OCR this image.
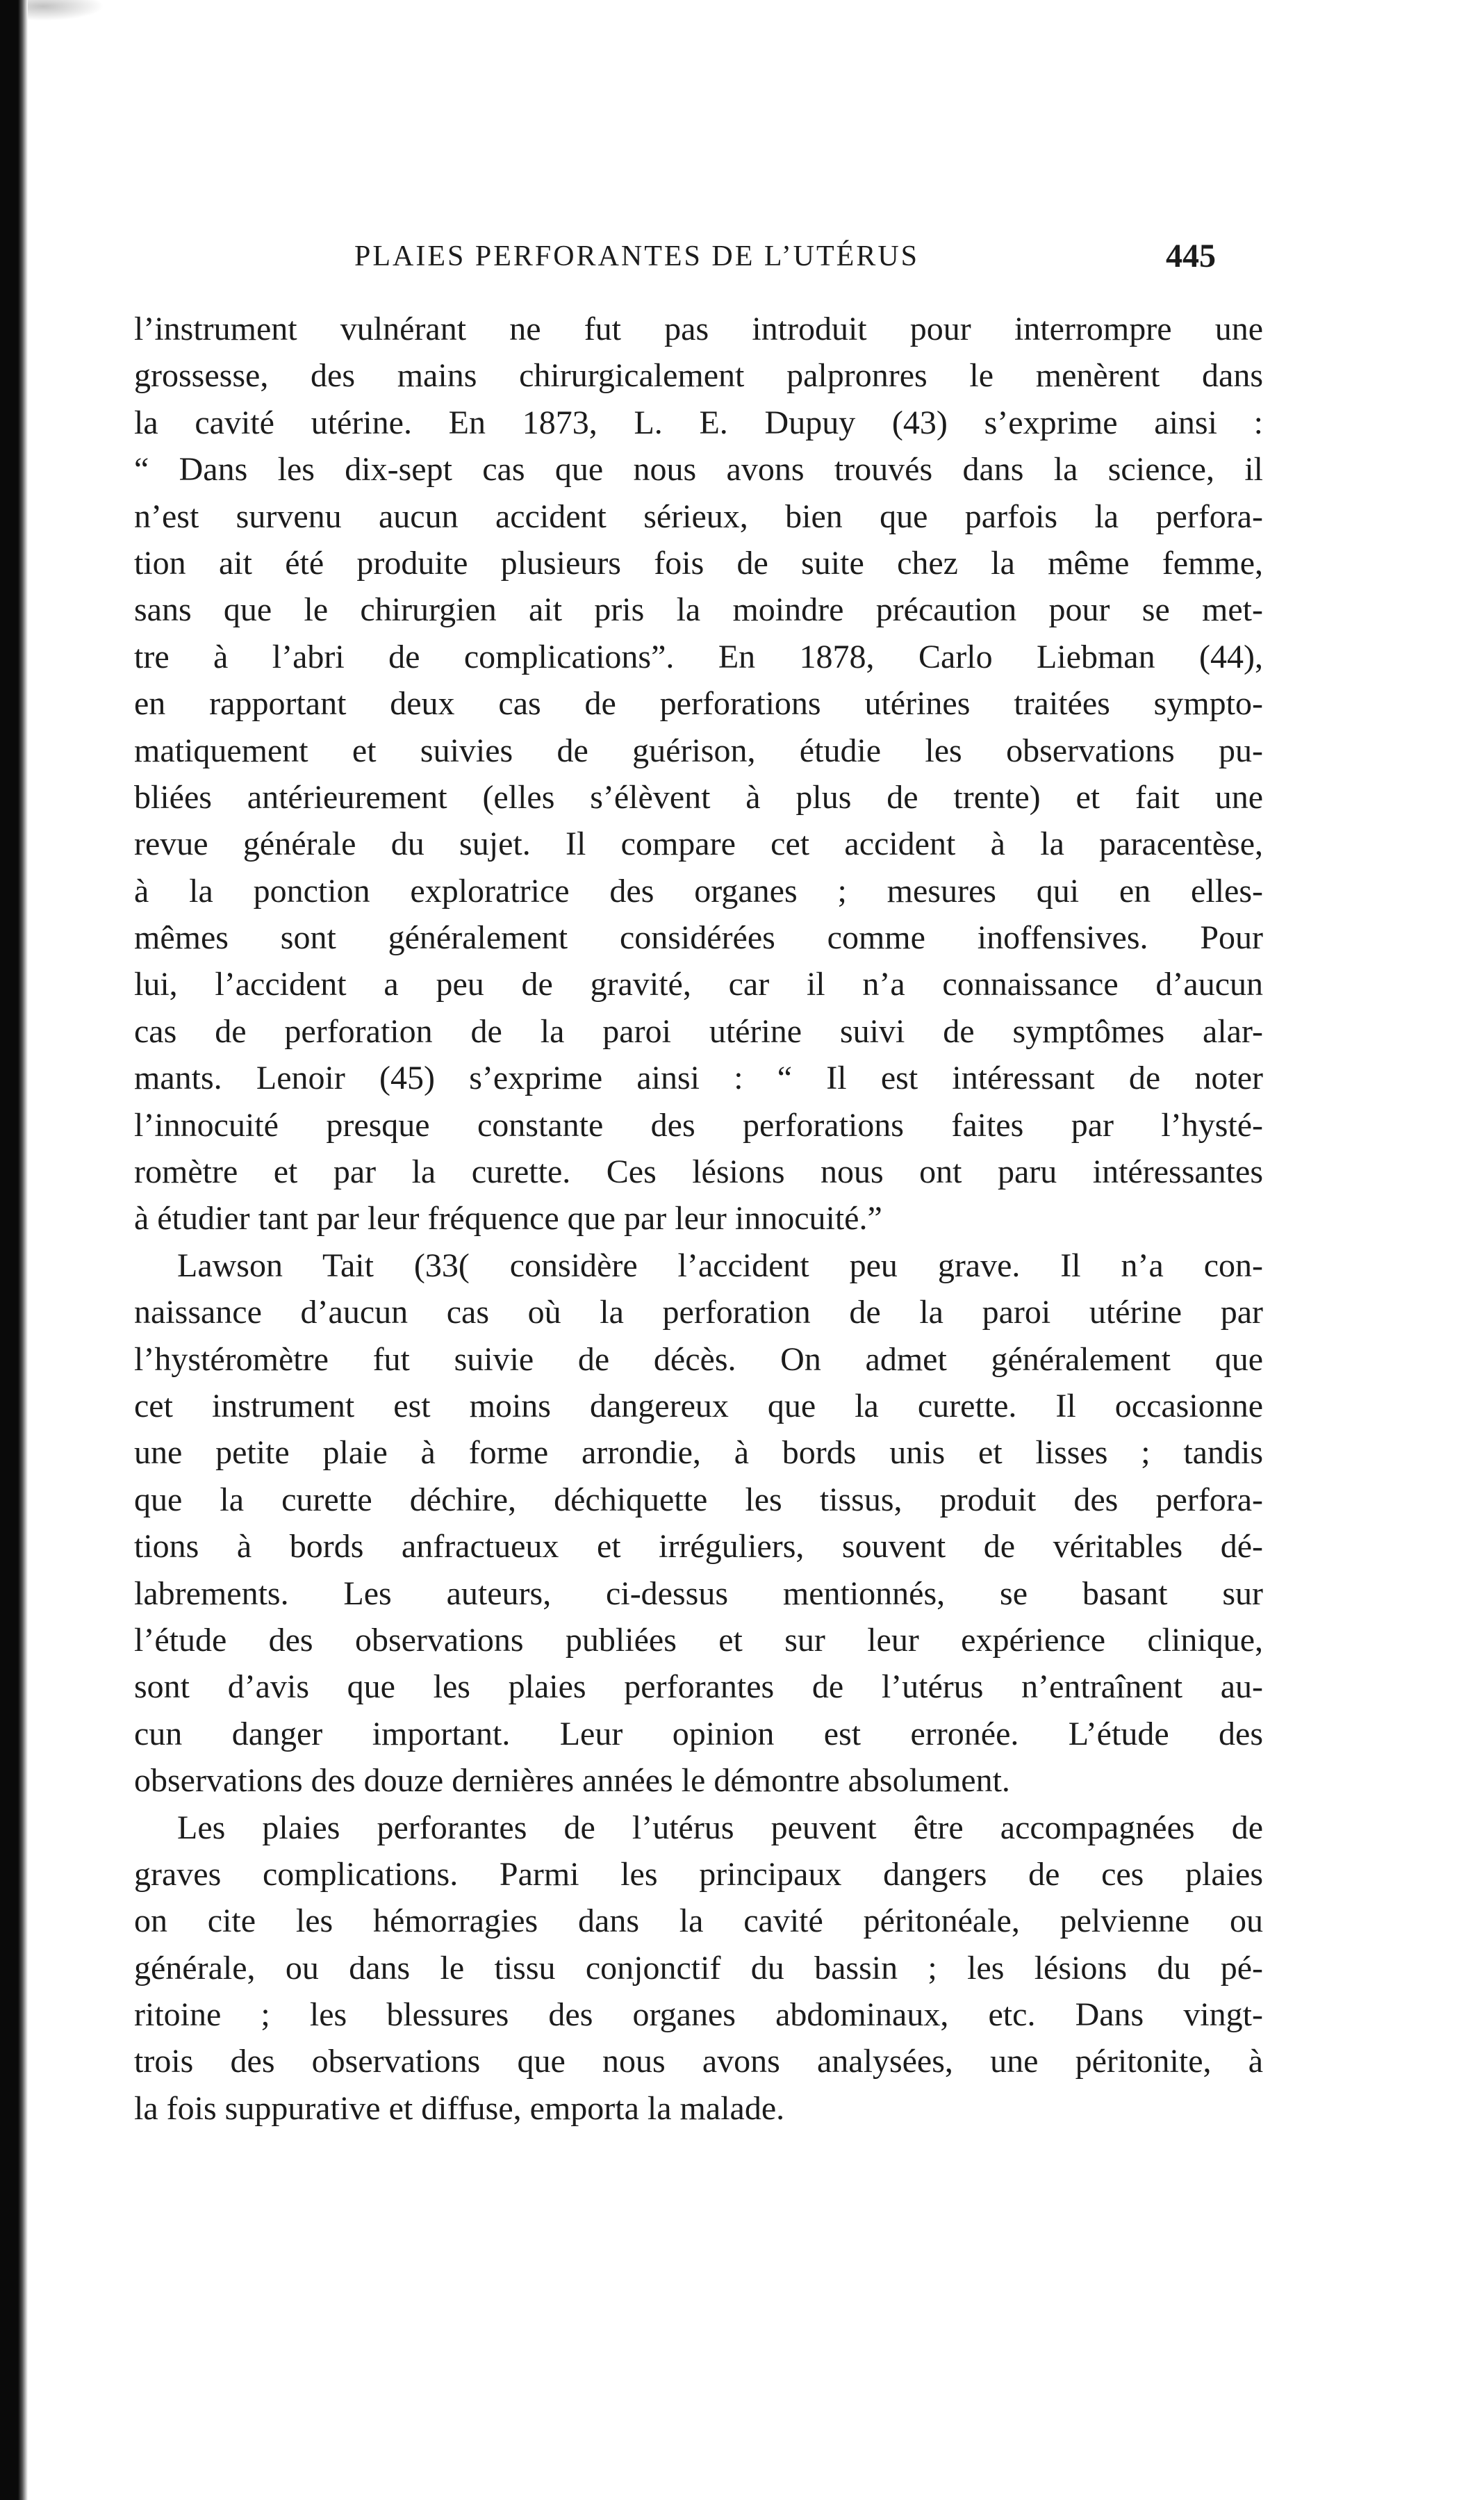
PLAIES PERFORANTES DE L’UTÉRUS	445
l’instrument vulnérant ne fut pas introduit pour interrompre une
grossesse, des mains chirurgicalement palpronres le menèrent dans
la cavité utérine. En 1873, L. E. Dupuy (43) s’exprime ainsi :
“ Dans les dix-sept cas que nous avons trouvés dans la science, il
n’est survenu aucun accident sérieux, bien que parfois la perfora-
tion ait été produite plusieurs fois de suite chez la même femme,
sans que le chirurgien ait pris la moindre précaution pour se met-
tre à l’abri de complications”. En 1878, Carlo Liebman (44),
en rapportant deux cas de perforations utérines traitées sympto-
matiquement et suivies de guérison, étudie les observations pu-
bliées antérieurement (elles s’élèvent à plus de trente) et fait une
revue générale du sujet. Il compare cet accident à la paracentèse,
à la ponction exploratrice des organes ; mesures qui en elles-
mêmes sont généralement considérées comme inoffensives. Pour
lui, l’accident a peu de gravité, car il n’a connaissance d’aucun
cas de perforation de la paroi utérine suivi de symptômes alar-
mants. Lenoir (45) s’exprime ainsi : “ Il est intéressant de noter
l’innocuité presque constante des perforations faites par l’hysté-
romètre et par la curette. Ces lésions nous ont paru intéressantes
à étudier tant par leur fréquence que par leur innocuité.”
Lawson Tait (33( considère l’accident peu grave. Il n’a con-
naissance d’aucun cas où la perforation de la paroi utérine par
l’hystéromètre fut suivie de décès. On admet généralement que
cet instrument est moins dangereux que la curette. Il occasionne
une petite plaie à forme arrondie, à bords unis et lisses ; tandis
que la curette déchire, déchiquette les tissus, produit des perfora-
tions à bords anfractueux et irréguliers, souvent de véritables dé-
labrements. Les auteurs, ci-dessus mentionnés, se basant sur
l’étude des observations publiées et sur leur expérience clinique,
sont d’avis que les plaies perforantes de l’utérus n’entraînent au-
cun danger important. Leur opinion est erronée. L’étude des
observations des douze dernières années le démontre absolument.
Les plaies perforantes de l’utérus peuvent être accompagnées de
graves complications. Parmi les principaux dangers de ces plaies
on cite les hémorragies dans la cavité péritonéale, pelvienne ou
générale, ou dans le tissu conjonctif du bassin ; les lésions du pé-
ritoine ; les blessures des organes abdominaux, etc. Dans vingt-
trois des observations que nous avons analysées, une péritonite, à
la fois suppurative et diffuse, emporta la malade.
